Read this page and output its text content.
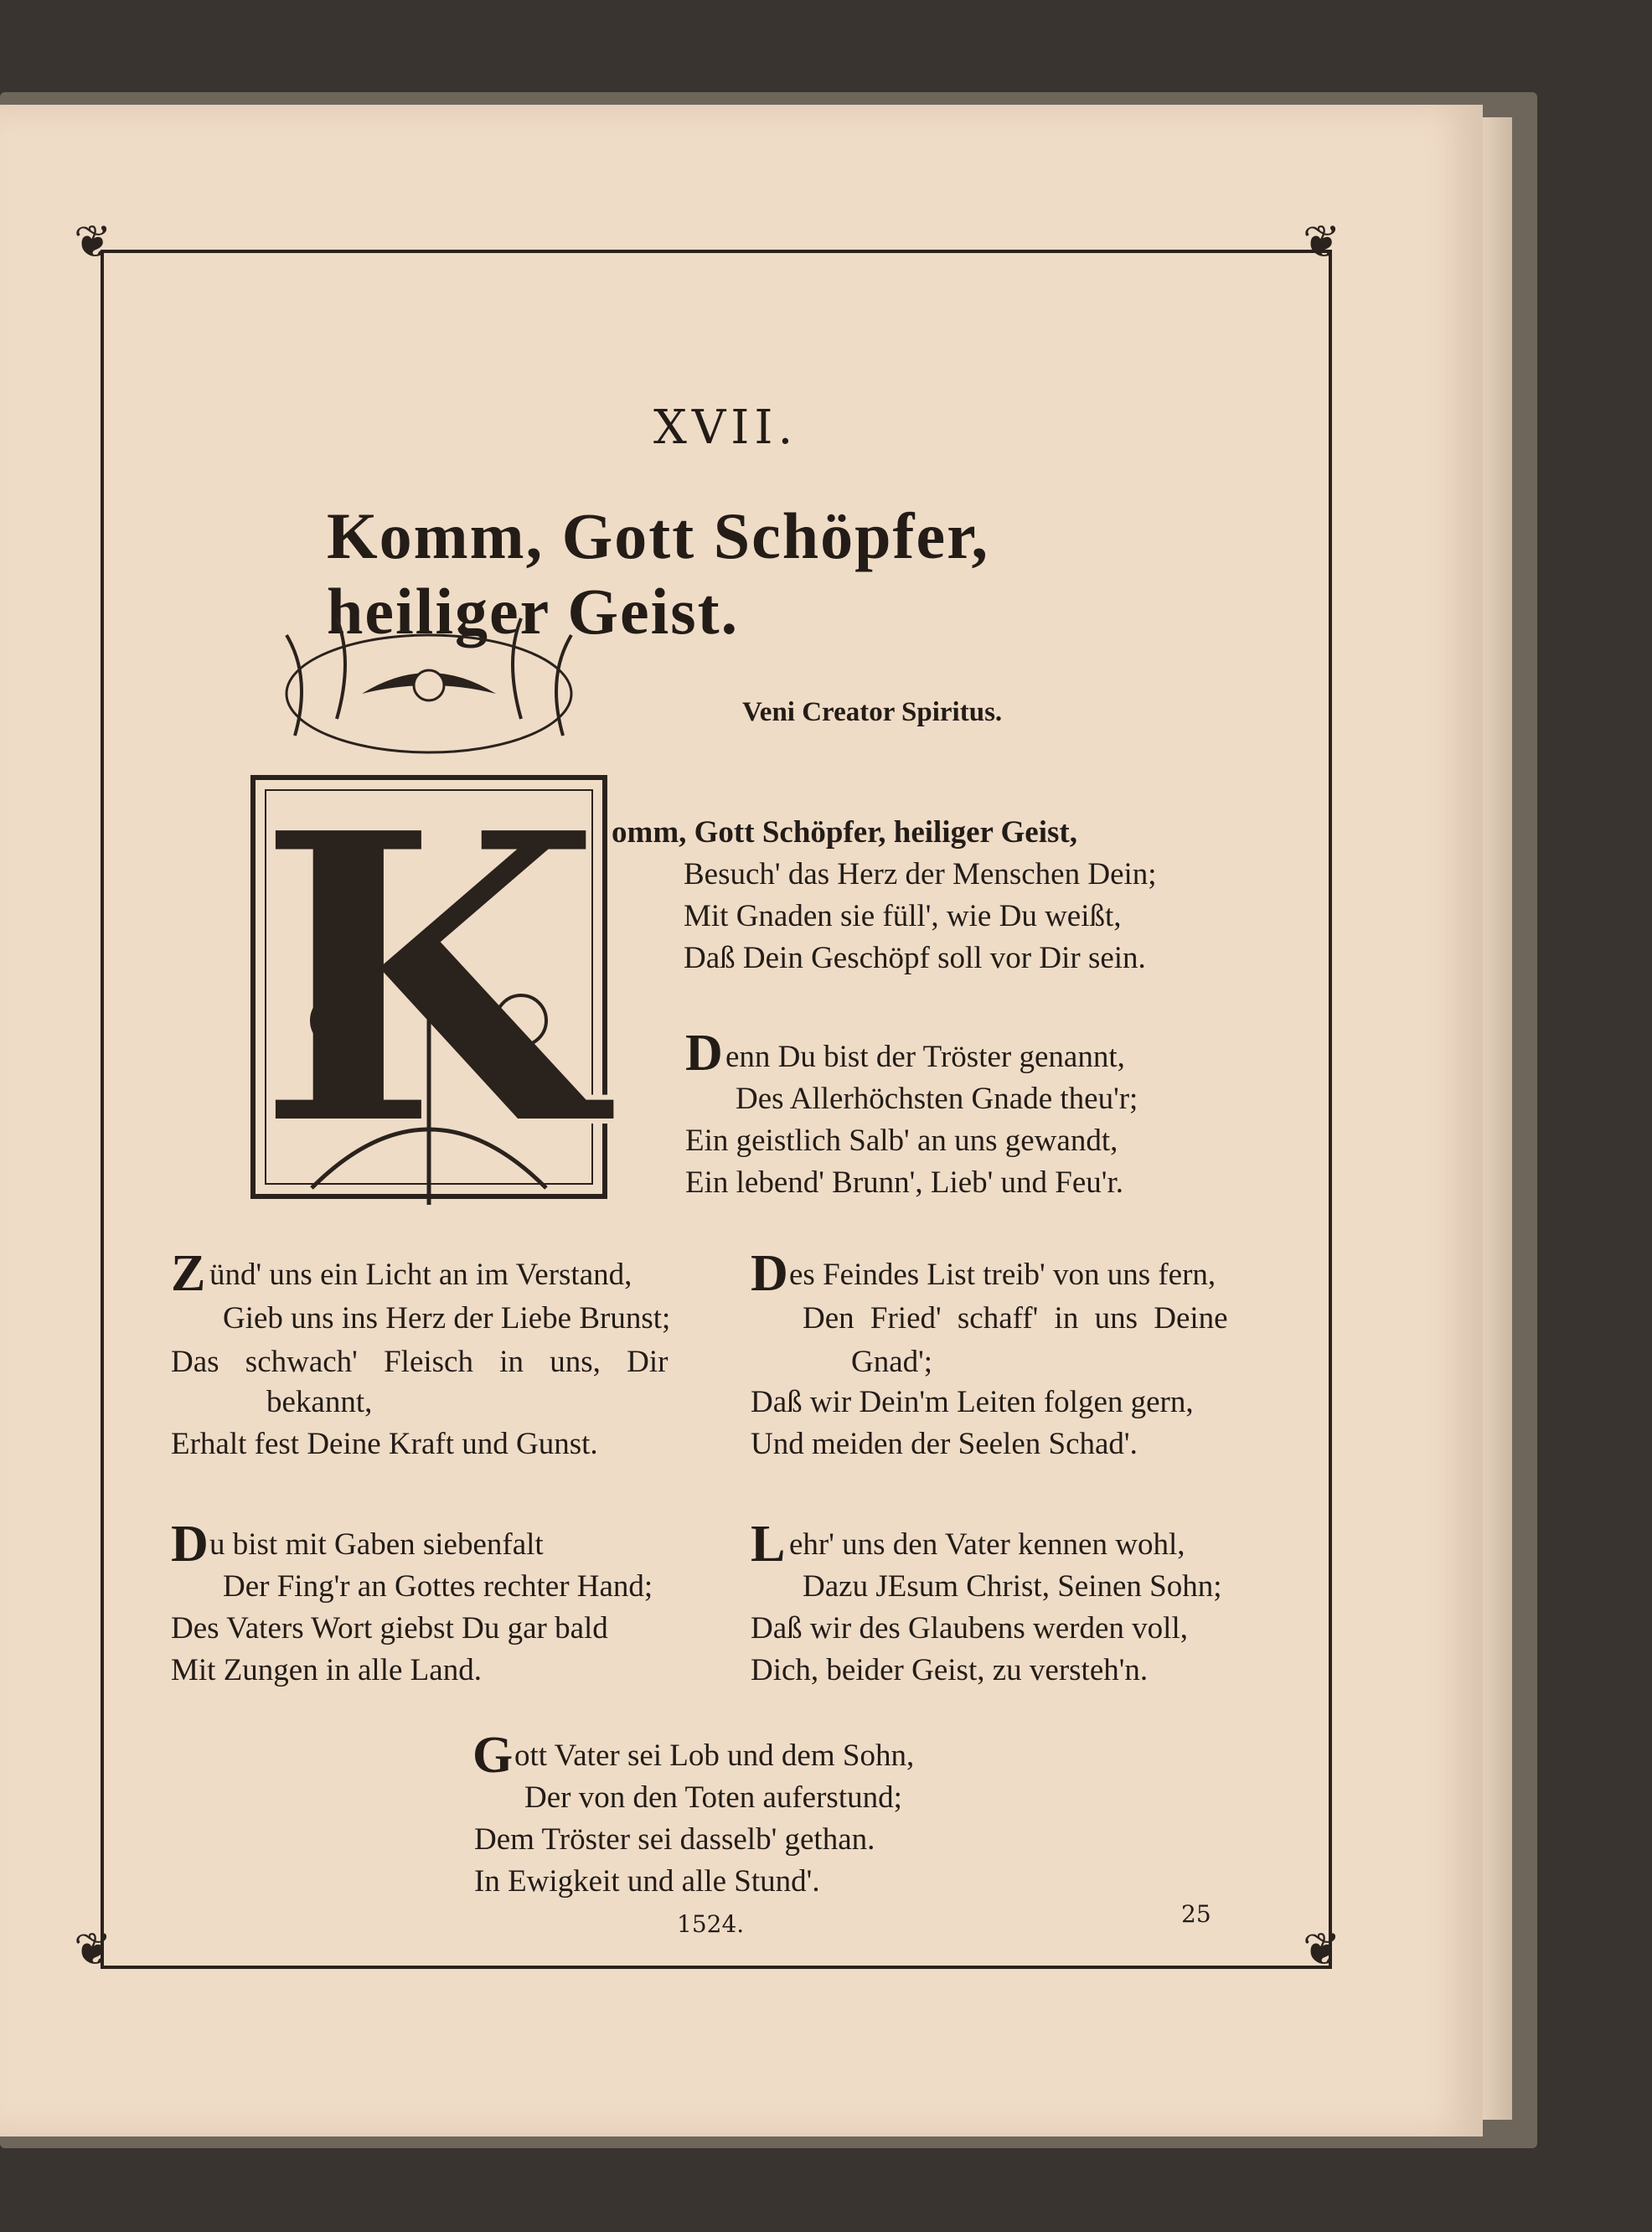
❦	❦
❦	❦
XVII.
Komm, Gott Schöpfer, heiliger Geist.
K
Veni Creator Spiritus.
omm, Gott Schöpfer, heiliger Geist,
Besuch' das Herz der Menschen Dein;
Mit Gnaden sie füll', wie Du weißt,
Daß Dein Geschöpf soll vor Dir sein.
D enn Du bist der Tröster genannt,
Des Allerhöchsten Gnade theu'r;
Ein geistlich Salb' an uns gewandt,
Ein lebend' Brunn', Lieb' und Feu'r.
Z ünd' uns ein Licht an im Verstand,
Gieb uns ins Herz der Liebe Brunst;
Das schwach' Fleisch in uns, Dir
bekannt,
Erhalt fest Deine Kraft und Gunst.
D es Feindes List treib' von uns fern,
Den Fried' schaff' in uns Deine
Gnad';
Daß wir Dein'm Leiten folgen gern,
Und meiden der Seelen Schad'.
D u bist mit Gaben siebenfalt
Der Fing'r an Gottes rechter Hand;
Des Vaters Wort giebst Du gar bald
Mit Zungen in alle Land.
L ehr' uns den Vater kennen wohl,
Dazu JEsum Christ, Seinen Sohn;
Daß wir des Glaubens werden voll,
Dich, beider Geist, zu versteh'n.
G ott Vater sei Lob und dem Sohn,
Der von den Toten auferstund;
Dem Tröster sei dasselb' gethan.
In Ewigkeit und alle Stund'.
1524.	25
